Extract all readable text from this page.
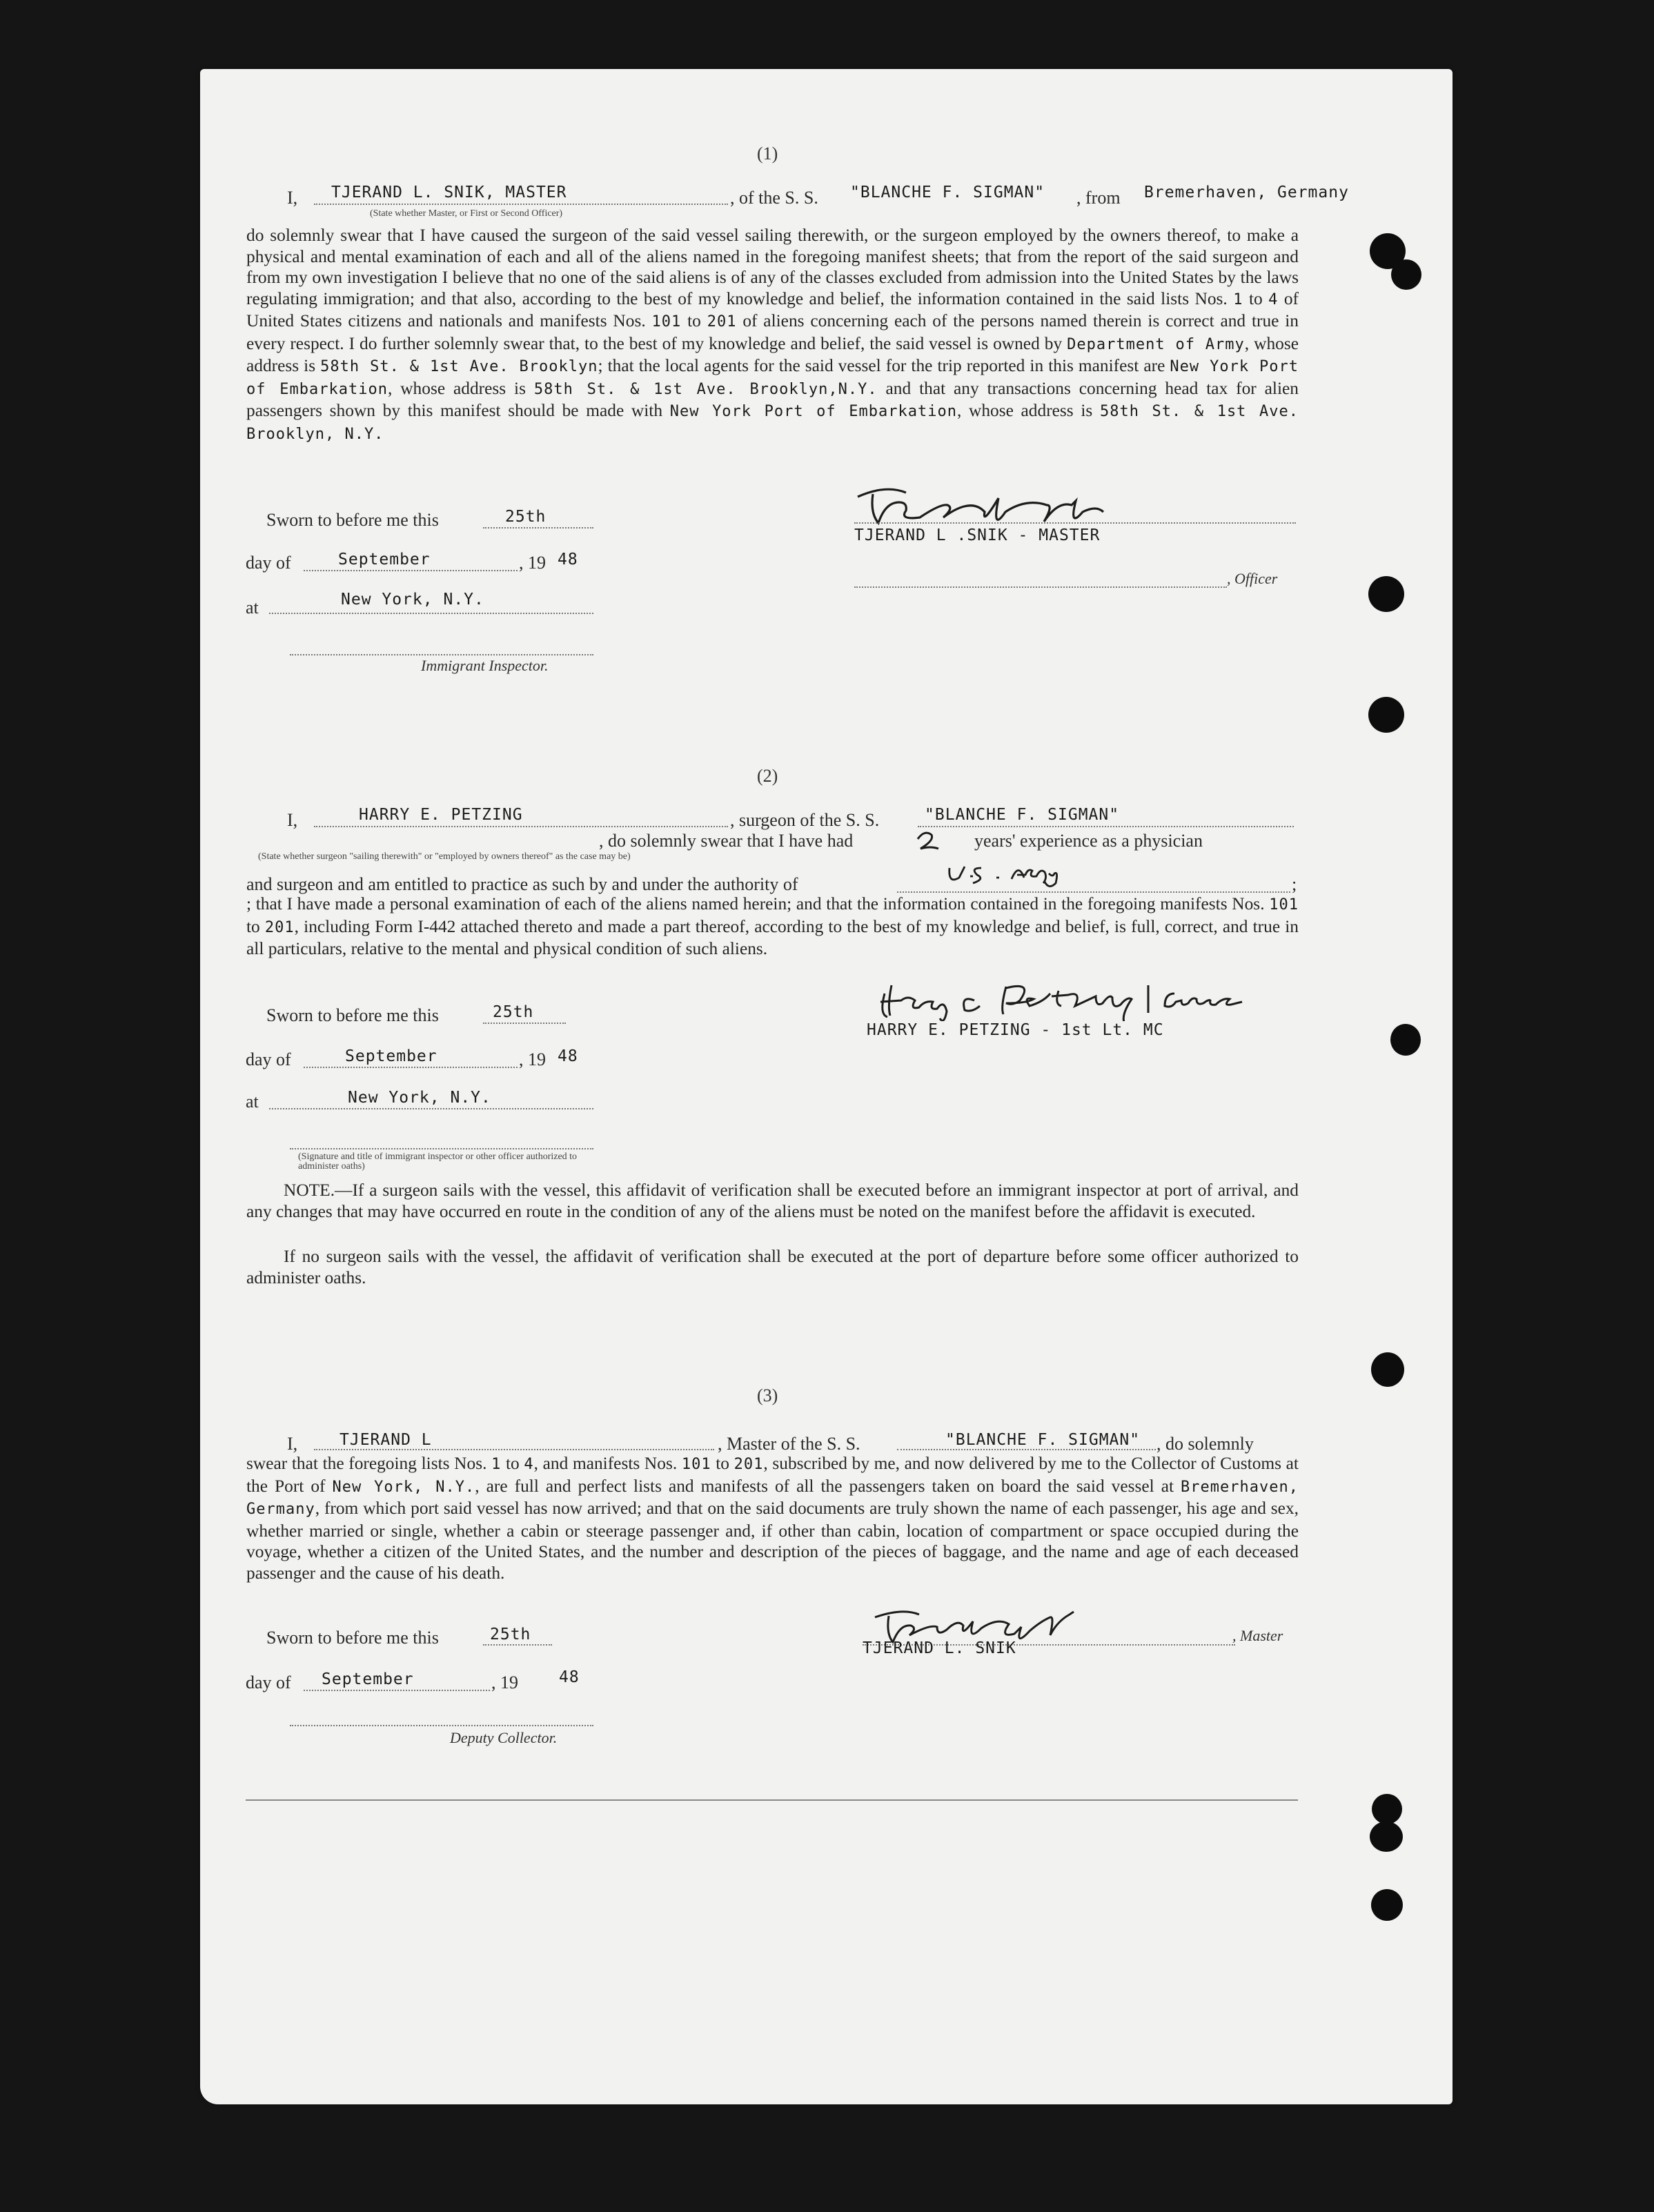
(1)
I, TJERAND L. SNIK, MASTER
(State whether Master, or First or Second Officer)
, of the S. S. "BLANCHE F. SIGMAN" , from Bremerhaven, Germany
do solemnly swear that I have caused the surgeon of the said vessel sailing therewith, or the surgeon employed by the owners thereof, to make a physical and mental examination of each and all of the aliens named in the foregoing manifest sheets; that from the report of the said surgeon and from my own investigation I believe that no one of the said aliens is of any of the classes excluded from admission into the United States by the laws regulating immigration; and that also, according to the best of my knowledge and belief, the information contained in the said lists Nos. 1 to 4 of United States citizens and nationals and manifests Nos. 101 to 201 of aliens concerning each of the persons named therein is correct and true in every respect. I do further solemnly swear that, to the best of my knowledge and belief, the said vessel is owned by Department of Army, whose address is 58th St. & 1st Ave. Brooklyn; that the local agents for the said vessel for the trip reported in this manifest are New York Port of Embarkation, whose address is 58th St. & 1st Ave. Brooklyn,N.Y. and that any transactions concerning head tax for alien passengers shown by this manifest should be made with New York Port of Embarkation, whose address is 58th St. & 1st Ave. Brooklyn, N.Y.
Sworn to before me this	25th
day of	September	, 19 48
at	New York, N.Y.
Immigrant Inspector.
TJERAND L .SNIK - MASTER
, Officer
(2)
I,	HARRY E. PETZING	, surgeon of the S. S.	"BLANCHE F. SIGMAN"
, do solemnly swear that I have had	years' experience as a physician
(State whether surgeon "sailing therewith" or "employed by owners thereof" as the case may be)
and surgeon and am entitled to practice as such by and under the authority of	;
; that I have made a personal examination of each of the aliens named herein; and that the information contained in the foregoing manifests Nos. 101 to 201, including Form I-442 attached thereto and made a part thereof, according to the best of my knowledge and belief, is full, correct, and true in all particulars, relative to the mental and physical condition of such aliens.
Sworn to before me this	25th
day of	September	, 19 48
at	New York, N.Y.
HARRY E. PETZING - 1st Lt. MC
(Signature and title of immigrant inspector or other officer authorized to administer oaths)
NOTE.—If a surgeon sails with the vessel, this affidavit of verification shall be executed before an immigrant inspector at port of arrival, and any changes that may have occurred en route in the condition of any of the aliens must be noted on the manifest before the affidavit is executed.
If no surgeon sails with the vessel, the affidavit of verification shall be executed at the port of departure before some officer authorized to administer oaths.
(3)
I,	TJERAND L	, Master of the S. S.	"BLANCHE F. SIGMAN" , do solemnly
swear that the foregoing lists Nos. 1 to 4, and manifests Nos. 101 to 201, subscribed by me, and now delivered by me to the Collector of Customs at the Port of New York, N.Y., are full and perfect lists and manifests of all the passengers taken on board the said vessel at Bremerhaven, Germany, from which port said vessel has now arrived; and that on the said documents are truly shown the name of each passenger, his age and sex, whether married or single, whether a cabin or steerage passenger and, if other than cabin, location of compartment or space occupied during the voyage, whether a citizen of the United States, and the number and description of the pieces of baggage, and the name and age of each deceased passenger and the cause of his death.
Sworn to before me this	25th
day of September	, 19	48
Deputy Collector.
TJERAND L. SNIK
, Master
